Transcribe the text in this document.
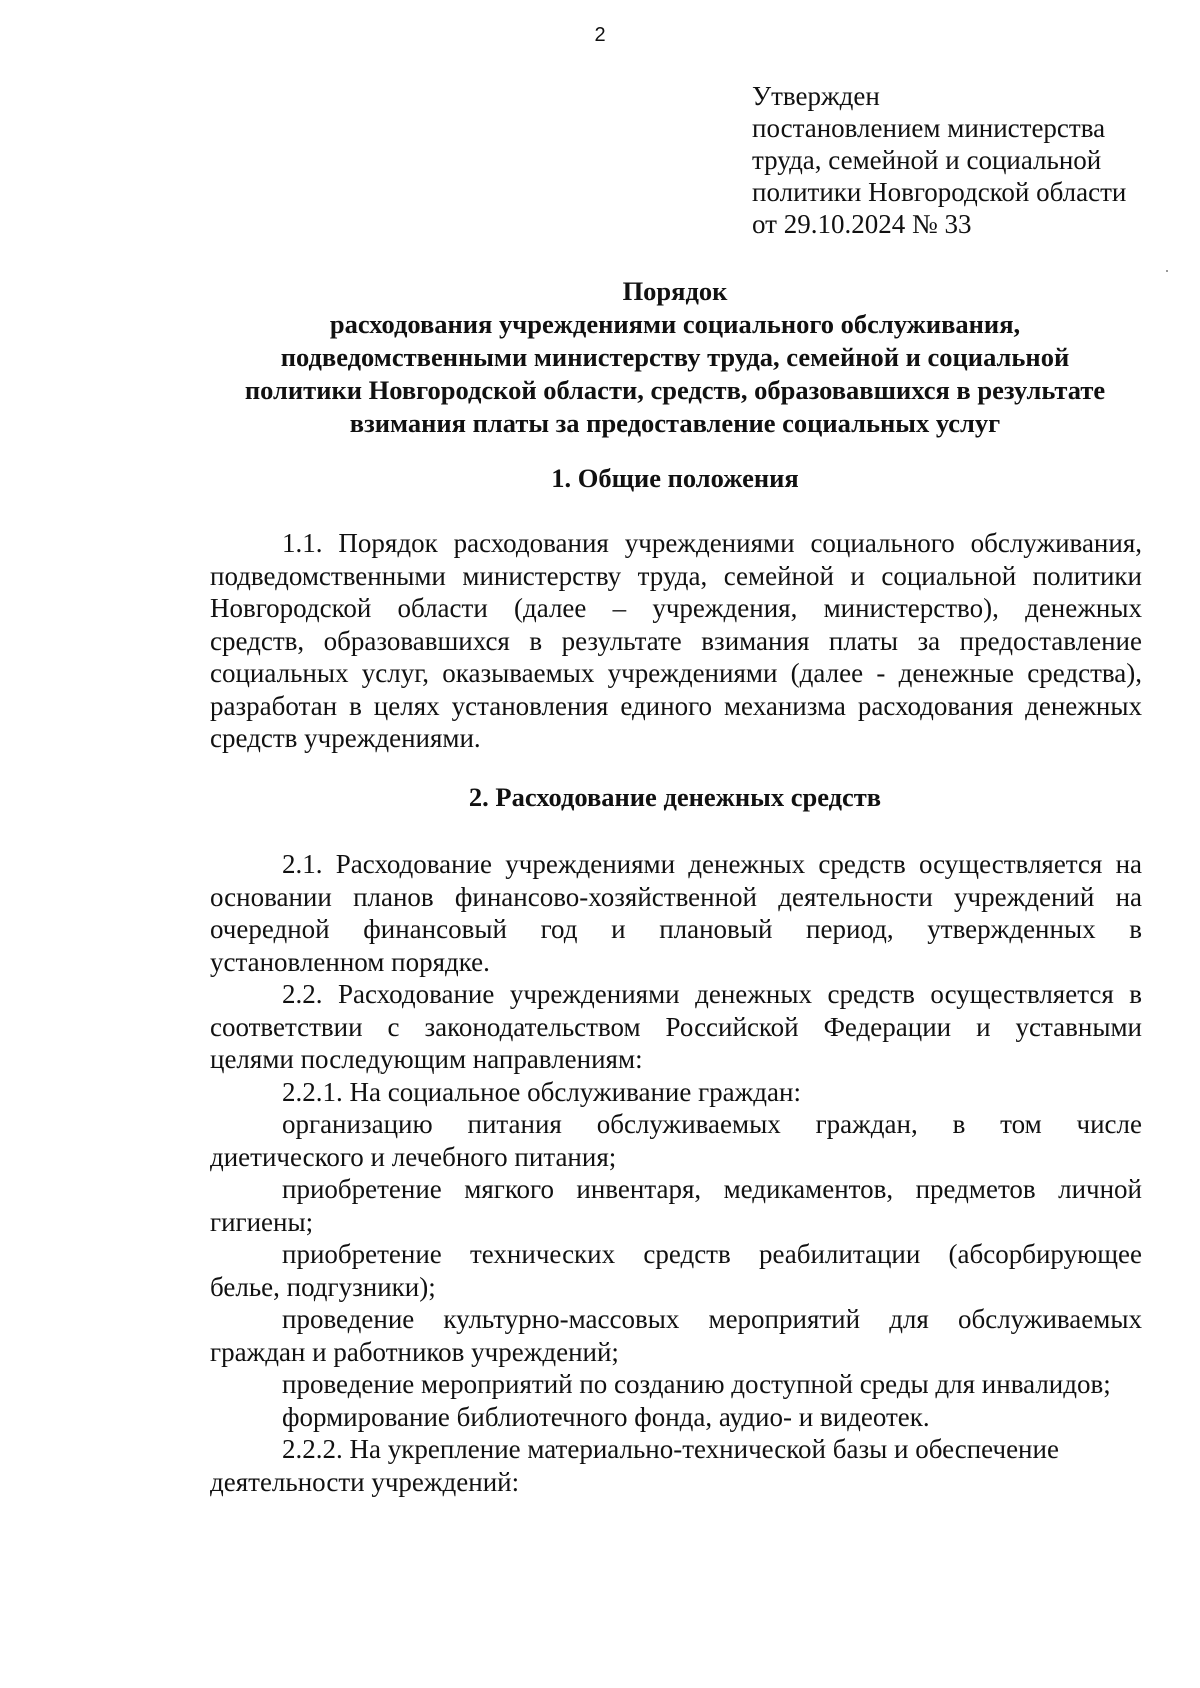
2
Утвержден
постановлением министерства
труда, семейной и социальной
политики Новгородской области
от 29.10.2024 № 33
Порядок
расходования учреждениями социального обслуживания,
подведомственными министерству труда, семейной и социальной
политики Новгородской области, средств, образовавшихся в результате
взимания платы за предоставление социальных услуг
1. Общие положения
1.1. Порядок расходования учреждениями социального обслуживания,
подведомственными министерству труда, семейной и социальной политики
Новгородской области (далее – учреждения, министерство), денежных
средств, образовавшихся в результате взимания платы за предоставление
социальных услуг, оказываемых учреждениями (далее - денежные средства),
разработан в целях установления единого механизма расходования денежных
средств учреждениями.
2. Расходование денежных средств
2.1. Расходование учреждениями денежных средств осуществляется на
основании планов финансово-хозяйственной деятельности учреждений на
очередной финансовый год и плановый период, утвержденных в
установленном порядке.
2.2. Расходование учреждениями денежных средств осуществляется в
соответствии с законодательством Российской Федерации и уставными
целями последующим направлениям:
2.2.1. На социальное обслуживание граждан:
организацию питания обслуживаемых граждан, в том числе
диетического и лечебного питания;
приобретение мягкого инвентаря, медикаментов, предметов личной
гигиены;
приобретение технических средств реабилитации (абсорбирующее
белье, подгузники);
проведение культурно-массовых мероприятий для обслуживаемых
граждан и работников учреждений;
проведение мероприятий по созданию доступной среды для инвалидов;
формирование библиотечного фонда, аудио- и видеотек.
2.2.2. На укрепление материально-технической базы и обеспечение
деятельности учреждений:
